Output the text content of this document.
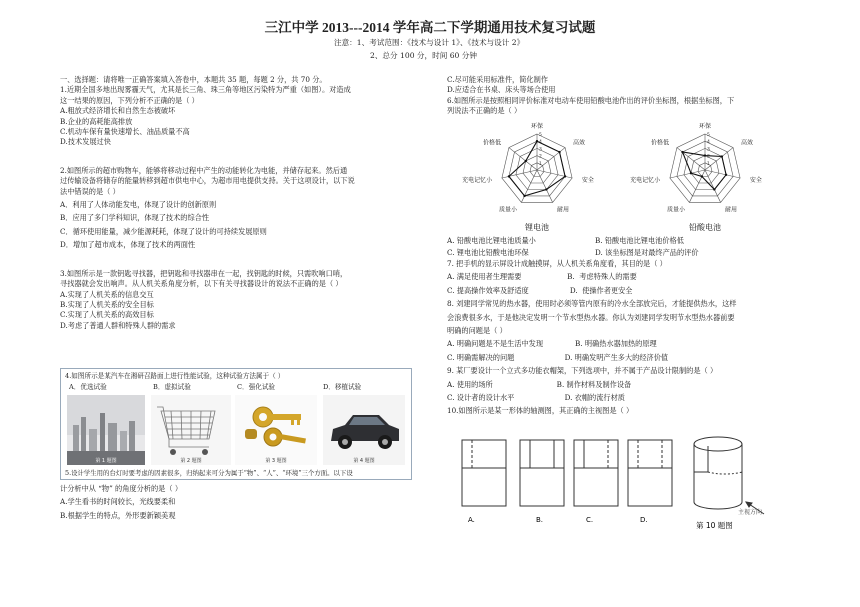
三江中学 2013---2014 学年高二下学期通用技术复习试题
注意：1、考试范围：《技术与设计 1》、《技术与设计 2》
2、总分 100 分，时间 60 分钟
一、选择题：请将唯一正确答案填入答卷中，本题共 35 题，每题 2 分，共 70 分。
1.近期全国多地出现雾霾天气，尤其是长三角、珠三角等地区污染特为严重（如图）。对造成
这一结果的原因，下列分析不正确的是（ ）
A.粗放式经济增长和自然生态被破坏
B.企业的高耗能高排放
C.机动车保有量快速增长、油品质量不高
D.技术发展过快
2.如图所示的超市购物车，能够将移动过程中产生的动能转化为电能，并储存起来。然后通
过传输设备将储存的能量转移到超市供电中心，为超市用电提供支持。关于这项设计，以下说
法中错误的是（ ）
A．利用了人体动能发电，体现了设计的创新原则
B．应用了多门学科知识，体现了技术的综合性
C．循环使用能量，减少能源耗耗，体现了设计的可持续发展原则
D．增加了超市成本，体现了技术的两面性
3.如图所示是一款钥匙寻找器，把钥匙和寻找器串在一起，找钥匙的时候，只需吹响口哨，
寻找器就会发出响声。从人机关系角度分析，以下有关寻找器设计的说法不正确的是（ ）
A.实现了人机关系的信息交互
B.实现了人机关系的安全目标
C.实现了人机关系的高效目标
D.考虑了普通人群和特殊人群的需求
4.如图所示是某汽车在湘研召路面上进行性能试验，这种试验方法属于（ ）
A．优选试验	B．虚拟试验	C．强化试验	D．移植试验
第 1 题图	第 2 题图	第 3 题图	第 4 题图
5.设计学生用的台灯时要考虑的因素很多，归纳起来可分为属于“物”、“人”、“环境”三个方面。以下设
计分析中从 “物” 的角度分析的是（ ）
A.学生看书的时间较长，光线要柔和
B.根据学生的特点，外形要新颖美观
C.尽可能采用标准件，简化制作
D.应适合在书桌、床头等场合使用
6.如图所示是按照相同评价标准对电动车使用铅酸电池作出的评价坐标图，根据坐标图，下
列说法不正确的是（ ）
环保
高效
安全
耐用
质量小
充电记忆小
价格低
5
4
3
2
1
锂电池
环保
高效
安全
耐用
质量小
充电记忆小
价格低
5
4
3
2
1
铅酸电池
A. 铅酸电池比锂电池质量小	B. 铅酸电池比锂电池价格低
C. 锂电池比铅酸电池环保	D. 该坐标图是对最终产品的评价
7. 把手机的显示屏设计成触摸屏，从人机关系角度看，其目的是（ ）
A. 满足使用者生理需要                    B.  考虑特殊人的需要
C. 提高操作效率及舒适度                  D.  使操作者更安全
8. 刘建同学常见的热水器，使用时必须等管内原有的冷水全部放完后，才能提供热水，这样
会浪费很多水，于是他决定发明一个节水型热水器。你认为刘建同学发明节水型热水器前要
明确的问题是（ ）
A. 明确问题是不是生活中发现              B. 明确热水器加热的原理
C. 明确需解决的问题                      D. 明确发明产生多大的经济价值
9. 某厂要设计一个立式多功能衣帽架，下列选项中，并不属于产品设计限制的是（ ）
A. 使用的场所                            B. 制作材料及制作设备
C. 设计者的设计水平                      D. 衣帽的流行材质
10.如图所示是某一形体的轴测图，其正确的主视图是（ ）
A.	B.	C.	D.
主视方向
第 10 题图
